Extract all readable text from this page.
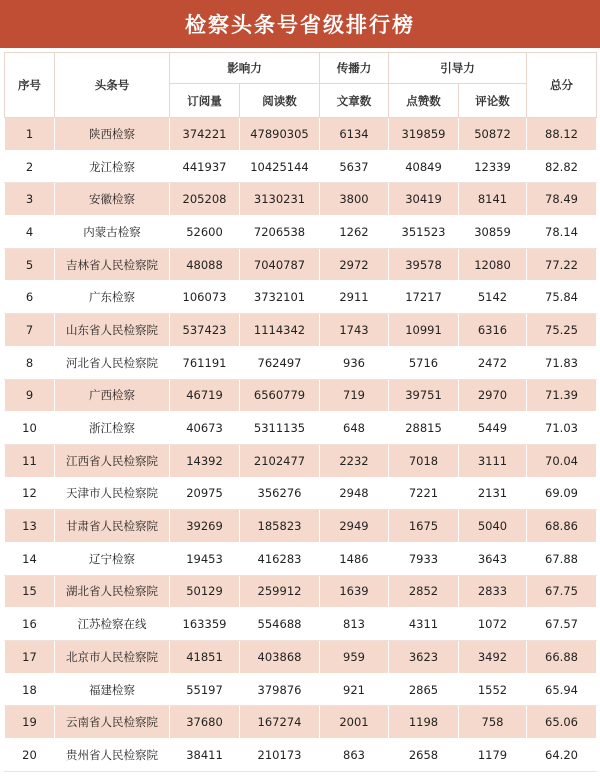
检察头条号省级排行榜
序号	头条号	影响力		传播力	引导力		总分
		订阅量	阅读数	文章数	点赞数	评论数	
1	陕西检察	374221	47890305	6134	319859	50872	88.12
2	龙江检察	441937	10425144	5637	40849	12339	82.82
3	安徽检察	205208	3130231	3800	30419	8141	78.49
4	内蒙古检察	52600	7206538	1262	351523	30859	78.14
5	吉林省人民检察院	48088	7040787	2972	39578	12080	77.22
6	广东检察	106073	3732101	2911	17217	5142	75.84
7	山东省人民检察院	537423	1114342	1743	10991	6316	75.25
8	河北省人民检察院	761191	762497	936	5716	2472	71.83
9	广西检察	46719	6560779	719	39751	2970	71.39
10	浙江检察	40673	5311135	648	28815	5449	71.03
11	江西省人民检察院	14392	2102477	2232	7018	3111	70.04
12	天津市人民检察院	20975	356276	2948	7221	2131	69.09
13	甘肃省人民检察院	39269	185823	2949	1675	5040	68.86
14	辽宁检察	19453	416283	1486	7933	3643	67.88
15	湖北省人民检察院	50129	259912	1639	2852	2833	67.75
16	江苏检察在线	163359	554688	813	4311	1072	67.57
17	北京市人民检察院	41851	403868	959	3623	3492	66.88
18	福建检察	55197	379876	921	2865	1552	65.94
19	云南省人民检察院	37680	167274	2001	1198	758	65.06
20	贵州省人民检察院	38411	210173	863	2658	1179	64.20
